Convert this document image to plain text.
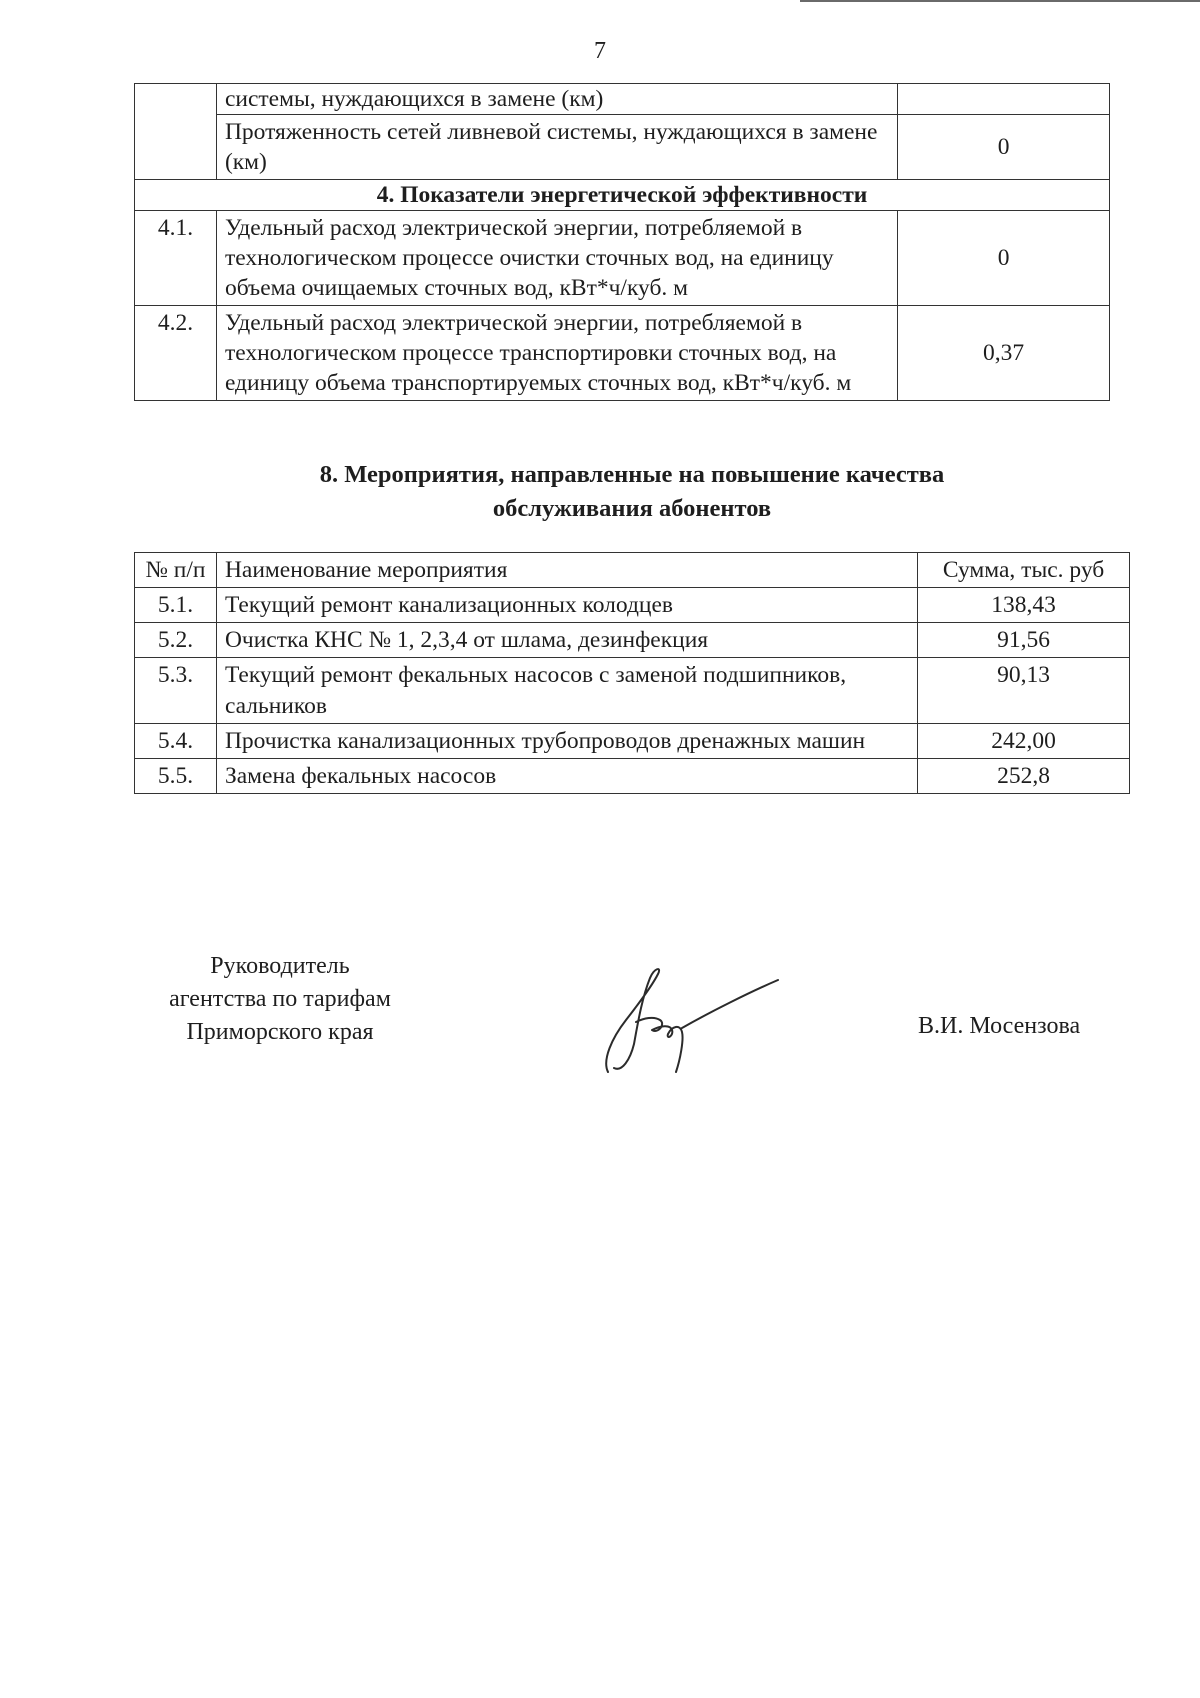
7
	системы, нуждающихся в замене (км)	
	Протяженность сетей ливневой системы, нуждающихся в замене (км)	0
4. Показатели энергетической эффективности		
4.1.	Удельный расход электрической энергии, потребляемой в технологическом процессе очистки сточных вод, на единицу объема очищаемых сточных вод, кВт*ч/куб. м	0
4.2.	Удельный расход электрической энергии, потребляемой в технологическом процессе транспортировки сточных вод, на единицу объема транспортируемых сточных вод, кВт*ч/куб. м	0,37
8. Мероприятия, направленные на повышение качества
обслуживания абонентов
№ п/п	Наименование мероприятия	Сумма, тыс. руб
5.1.	Текущий ремонт канализационных колодцев	138,43
5.2.	Очистка КНС № 1, 2,3,4 от шлама, дезинфекция	91,56
5.3.	Текущий ремонт фекальных насосов с заменой подшипников, сальников	90,13
5.4.	Прочистка канализационных трубопроводов дренажных машин	242,00
5.5.	Замена фекальных насосов	252,8
Руководитель
агентства по тарифам
Приморского края	В.И. Мосензова
